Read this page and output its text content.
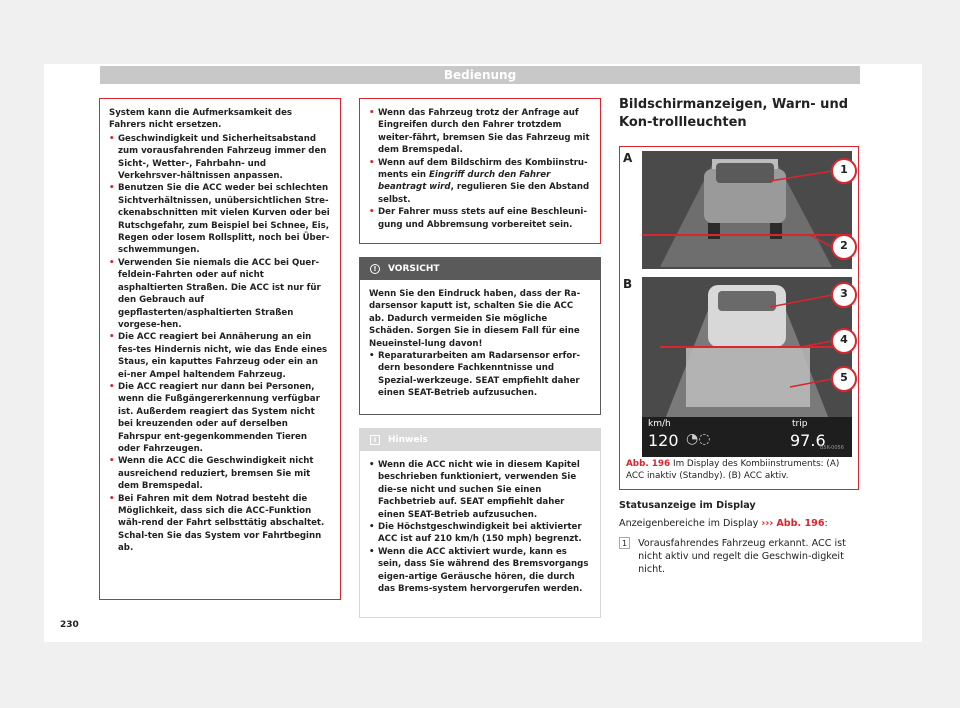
Bedienung
System kann die Aufmerksamkeit des Fahrers nicht ersetzen.
• Geschwindigkeit und Sicherheitsabstand zum vorausfahrenden Fahrzeug immer den Sicht-, Wetter-, Fahrbahn- und Verkehrsver-hältnissen anpassen.
• Benutzen Sie die ACC weder bei schlechten Sichtverhältnissen, unübersichtlichen Stre-ckenabschnitten mit vielen Kurven oder bei Rutschgefahr, zum Beispiel bei Schnee, Eis, Regen oder losem Rollsplitt, noch bei Über-schwemmungen.
• Verwenden Sie niemals die ACC bei Quer-feldein-Fahrten oder auf nicht asphaltierten Straßen. Die ACC ist nur für den Gebrauch auf gepflasterten/asphaltierten Straßen vorgese-hen.
• Die ACC reagiert bei Annäherung an ein fes-tes Hindernis nicht, wie das Ende eines Staus, ein kaputtes Fahrzeug oder ein an ei-ner Ampel haltendem Fahrzeug.
• Die ACC reagiert nur dann bei Personen, wenn die Fußgängererkennung verfügbar ist. Außerdem reagiert das System nicht bei kreuzenden oder auf derselben Fahrspur ent-gegenkommenden Tieren oder Fahrzeugen.
• Wenn die ACC die Geschwindigkeit nicht ausreichend reduziert, bremsen Sie mit dem Bremspedal.
• Bei Fahren mit dem Notrad besteht die Möglichkeit, dass sich die ACC-Funktion wäh-rend der Fahrt selbsttätig abschaltet. Schal-ten Sie das System vor Fahrtbeginn ab.
• Wenn das Fahrzeug trotz der Anfrage auf Eingreifen durch den Fahrer trotzdem weiter-fährt, bremsen Sie das Fahrzeug mit dem Bremspedal.
• Wenn auf dem Bildschirm des Kombiinstru-ments ein Eingriff durch den Fahrer beantragt wird, regulieren Sie den Abstand selbst.
• Der Fahrer muss stets auf eine Beschleuni-gung und Abbremsung vorbereitet sein.
!	VORSICHT
Wenn Sie den Eindruck haben, dass der Ra-darsensor kaputt ist, schalten Sie die ACC ab. Dadurch vermeiden Sie mögliche Schäden. Sorgen Sie in diesem Fall für eine Neueinstel-lung davon!
• Reparaturarbeiten am Radarsensor erfor-dern besondere Fachkenntnisse und Spezial-werkzeuge. SEAT empfiehlt daher einen SEAT-Betrieb aufzusuchen.
i	Hinweis
• Wenn die ACC nicht wie in diesem Kapitel beschrieben funktioniert, verwenden Sie die-se nicht und suchen Sie einen Fachbetrieb auf. SEAT empfiehlt daher einen SEAT-Betrieb aufzusuchen.
• Die Höchstgeschwindigkeit bei aktivierter ACC ist auf 210 km/h (150 mph) begrenzt.
• Wenn die ACC aktiviert wurde, kann es sein, dass Sie während des Bremsvorgangs eigen-artige Geräusche hören, die durch das Brems-system hervorgerufen werden.
Bildschirmanzeigen, Warn- und Kon-trollleuchten
A
B
1
2
3
4
5
km/h
120 ◔◌
trip
97.6
B5K-0056
Abb. 196 Im Display des Kombiinstruments: (A) ACC inaktiv (Standby). (B) ACC aktiv.
Statusanzeige im Display
Anzeigenbereiche im Display ››› Abb. 196:
1	Vorausfahrendes Fahrzeug erkannt. ACC ist nicht aktiv und regelt die Geschwin-digkeit nicht.
230
